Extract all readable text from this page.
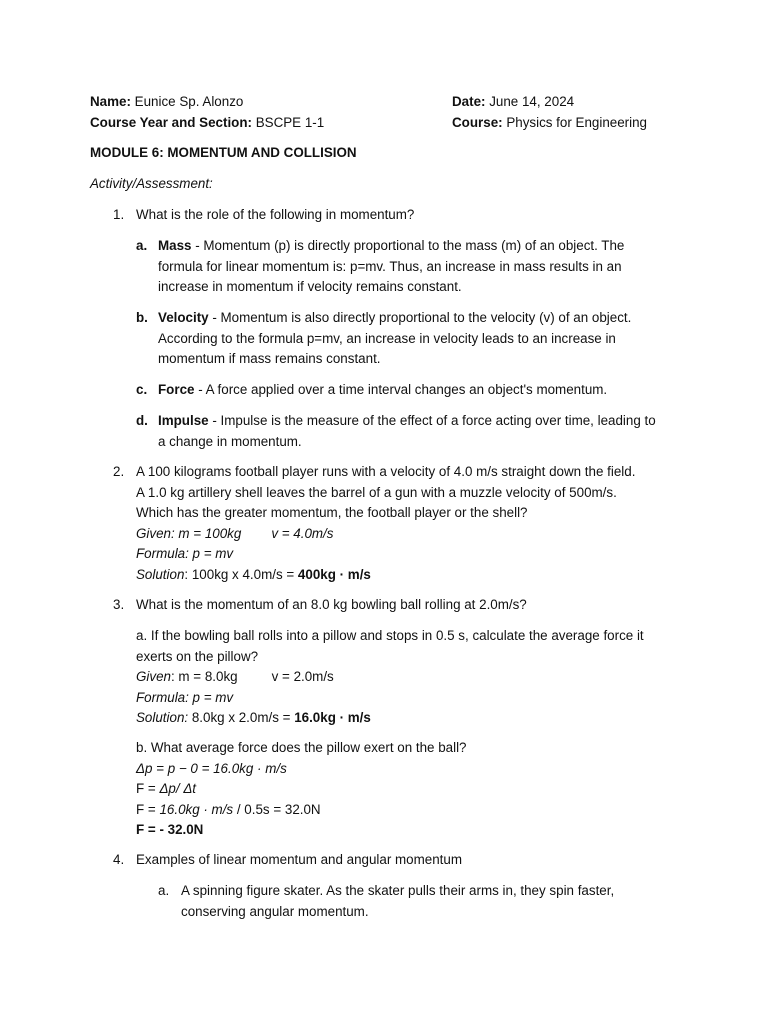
Name: Eunice Sp. Alonzo
Course Year and Section: BSCPE 1-1
Date: June 14, 2024
Course: Physics for Engineering
MODULE 6: MOMENTUM AND COLLISION
Activity/Assessment:
1. What is the role of the following in momentum?
a. Mass - Momentum (p) is directly proportional to the mass (m) of an object. The
formula for linear momentum is: p=mv. Thus, an increase in mass results in an
increase in momentum if velocity remains constant.
b. Velocity - Momentum is also directly proportional to the velocity (v) of an object.
According to the formula p=mv, an increase in velocity leads to an increase in
momentum if mass remains constant.
c. Force - A force applied over a time interval changes an object's momentum.
d. Impulse - Impulse is the measure of the effect of a force acting over time, leading to
a change in momentum.
2. A 100 kilograms football player runs with a velocity of 4.0 m/s straight down the field.
A 1.0 kg artillery shell leaves the barrel of a gun with a muzzle velocity of 500m/s.
Which has the greater momentum, the football player or the shell?
Given: m = 100kg v = 4.0m/s
Formula: p = mv
Solution: 100kg x 4.0m/s = 400kg · m/s
3. What is the momentum of an 8.0 kg bowling ball rolling at 2.0m/s?
a. If the bowling ball rolls into a pillow and stops in 0.5 s, calculate the average force it
exerts on the pillow?
Given: m = 8.0kg	v = 2.0m/s
Formula: p = mv
Solution: 8.0kg x 2.0m/s = 16.0kg · m/s
b. What average force does the pillow exert on the ball?
Δp = p − 0 = 16.0kg · m/s
F = Δp/ Δt
F = 16.0kg · m/s / 0.5s = 32.0N
F = - 32.0N
4. Examples of linear momentum and angular momentum
a. A spinning figure skater. As the skater pulls their arms in, they spin faster,
conserving angular momentum.
